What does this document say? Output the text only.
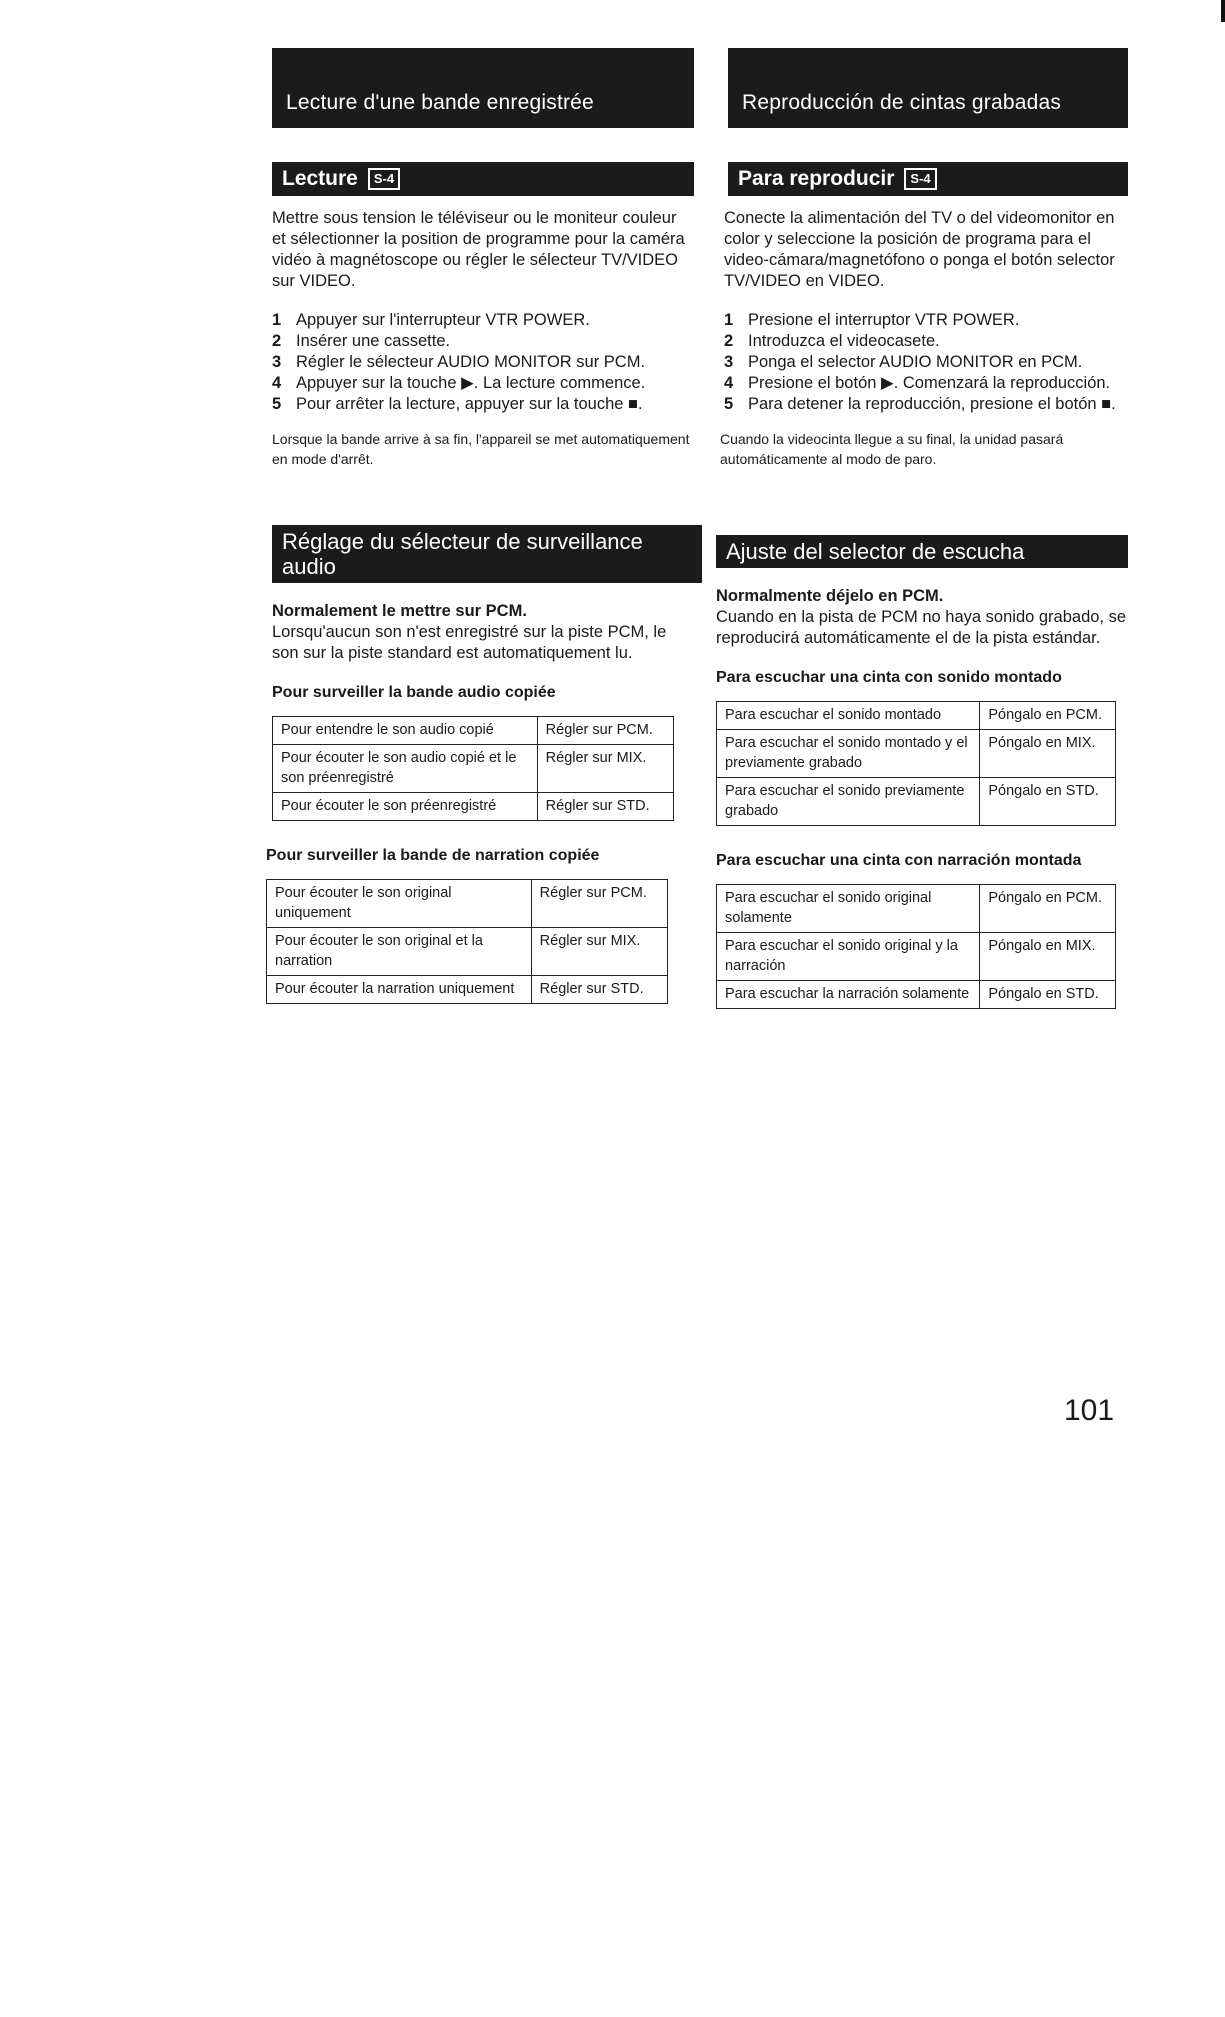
Lecture d'une bande enregistrée
Lecture	S-4

Mettre sous tension le téléviseur ou le moniteur couleur et sélectionner la position de programme pour la caméra vidéo à magnétoscope ou régler le sélecteur TV/VIDEO sur VIDEO.

1 Appuyer sur l'interrupteur VTR POWER.
2 Insérer une cassette.
3 Régler le sélecteur AUDIO MONITOR sur PCM.
4 Appuyer sur la touche ▶. La lecture commence.
5 Pour arrêter la lecture, appuyer sur la touche ■.

Lorsque la bande arrive à sa fin, l'appareil se met automatiquement en mode d'arrêt.

Réglage du sélecteur de surveillance audio

Normalement le mettre sur PCM.

Lorsqu'aucun son n'est enregistré sur la piste PCM, le son sur la piste standard est automatiquement lu.

Pour surveiller la bande audio copiée

Pour entendre le son audio copié	Régler sur PCM.
Pour écouter le son audio copié et le son préenregistré	Régler sur MIX.
Pour écouter le son préenregistré	Régler sur STD.

Pour surveiller la bande de narration copiée

Pour écouter le son original uniquement	Régler sur PCM.
Pour écouter le son original et la narration	Régler sur MIX.
Pour écouter la narration uniquement	Régler sur STD.
Reproducción de cintas grabadas
Para reproducir	S-4

Conecte la alimentación del TV o del videomonitor en color y seleccione la posición de programa para el video-cámara/magnetófono o ponga el botón selector TV/VIDEO en VIDEO.

1 Presione el interruptor VTR POWER.
2 Introduzca el videocasete.
3 Ponga el selector AUDIO MONITOR en PCM.
4 Presione el botón ▶. Comenzará la reproducción.
5 Para detener la reproducción, presione el botón ■.

Cuando la videocinta llegue a su final, la unidad pasará automáticamente al modo de paro.

Ajuste del selector de escucha

Normalmente déjelo en PCM.

Cuando en la pista de PCM no haya sonido grabado, se reproducirá automáticamente el de la pista estándar.

Para escuchar una cinta con sonido montado

Para escuchar el sonido montado	Póngalo en PCM.
Para escuchar el sonido montado y el previamente grabado	Póngalo en MIX.
Para escuchar el sonido previamente grabado	Póngalo en STD.

Para escuchar una cinta con narración montada

Para escuchar el sonido original solamente	Póngalo en PCM.
Para escuchar el sonido original y la narración	Póngalo en MIX.
Para escuchar la narración solamente	Póngalo en STD.
101
